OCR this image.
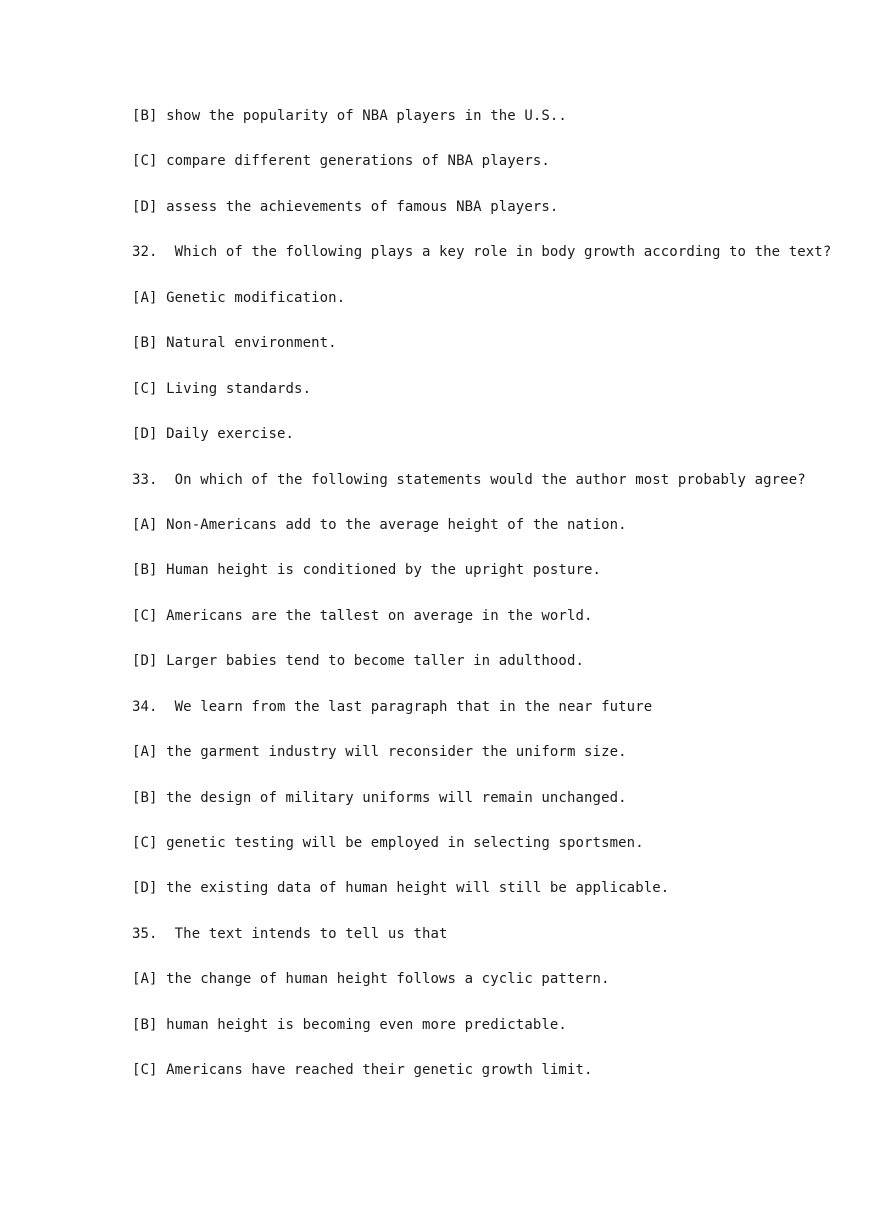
[B] show the popularity of NBA players in the U.S..
[C] compare different generations of NBA players.
[D] assess the achievements of famous NBA players.
32.  Which of the following plays a key role in body growth according to the text?
[A] Genetic modification.
[B] Natural environment.
[C] Living standards.
[D] Daily exercise.
33.  On which of the following statements would the author most probably agree?
[A] Non-Americans add to the average height of the nation.
[B] Human height is conditioned by the upright posture.
[C] Americans are the tallest on average in the world.
[D] Larger babies tend to become taller in adulthood.
34.  We learn from the last paragraph that in the near future
[A] the garment industry will reconsider the uniform size.
[B] the design of military uniforms will remain unchanged.
[C] genetic testing will be employed in selecting sportsmen.
[D] the existing data of human height will still be applicable.
35.  The text intends to tell us that
[A] the change of human height follows a cyclic pattern.
[B] human height is becoming even more predictable.
[C] Americans have reached their genetic growth limit.
